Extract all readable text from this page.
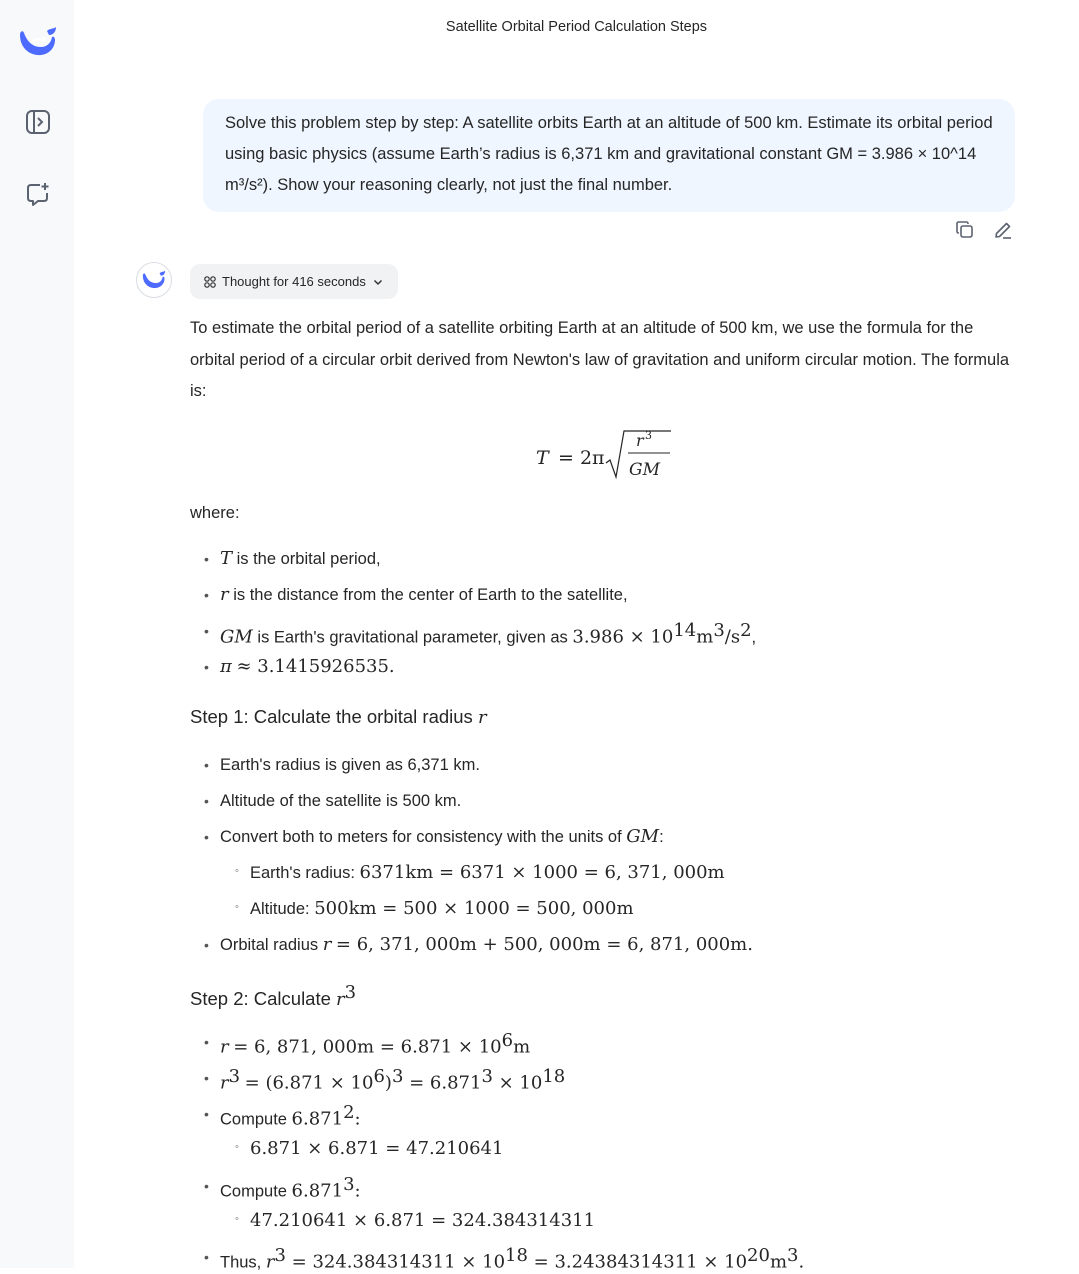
Satellite Orbital Period Calculation Steps
Solve this problem step by step: A satellite orbits Earth at an altitude of 500 km. Estimate its orbital period using basic physics (assume Earth’s radius is 6,371 km and gravitational constant GM = 3.986 × 10^14 m³/s²). Show your reasoning clearly, not just the final number.
Thought for 416 seconds

To estimate the orbital period of a satellite orbiting Earth at an altitude of 500 km, we use the formula for the orbital period of a circular orbit derived from Newton's law of gravitation and uniform circular motion. The formula is:

T = 2π
r 3
GM
where:
• T is the orbital period,
• r is the distance from the center of Earth to the satellite,
• GM is Earth's gravitational parameter, given as $3.986 \times 10^{14}m^3/s^2$,
• π ≈ 3.1415926535.
Step 1: Calculate the orbital radius r
• Earth's radius is given as 6,371 km.
• Altitude of the satellite is 500 km.
• Convert both to meters for consistency with the units of GM:
◦ Earth's radius: 6371km = 6371 × 1000 = 6, 371, 000m
◦ Altitude: 500km = 500 × 1000 = 500, 000m
• Orbital radius r = 6, 371, 000m + 500, 000m = 6, 871, 000m.
Step 2: Calculate $r^3$
• r = 6, 871, $000m = 6.871 \times 10^6m$
• $r^3 = (6.871 \times 10^6)^3 = 6.871^3 \times 10^{18}$
• Compute 6.871$^2$:
◦ 6.871 × 6.871 = 47.210641
• Compute 6.871$^3$:
◦ 47.210641 × 6.871 = 324.384314311
• Thus, $r^3 = 324.384314311 \times 10^{18} = 3.24384314311 \times 10^{20}m^3$.
